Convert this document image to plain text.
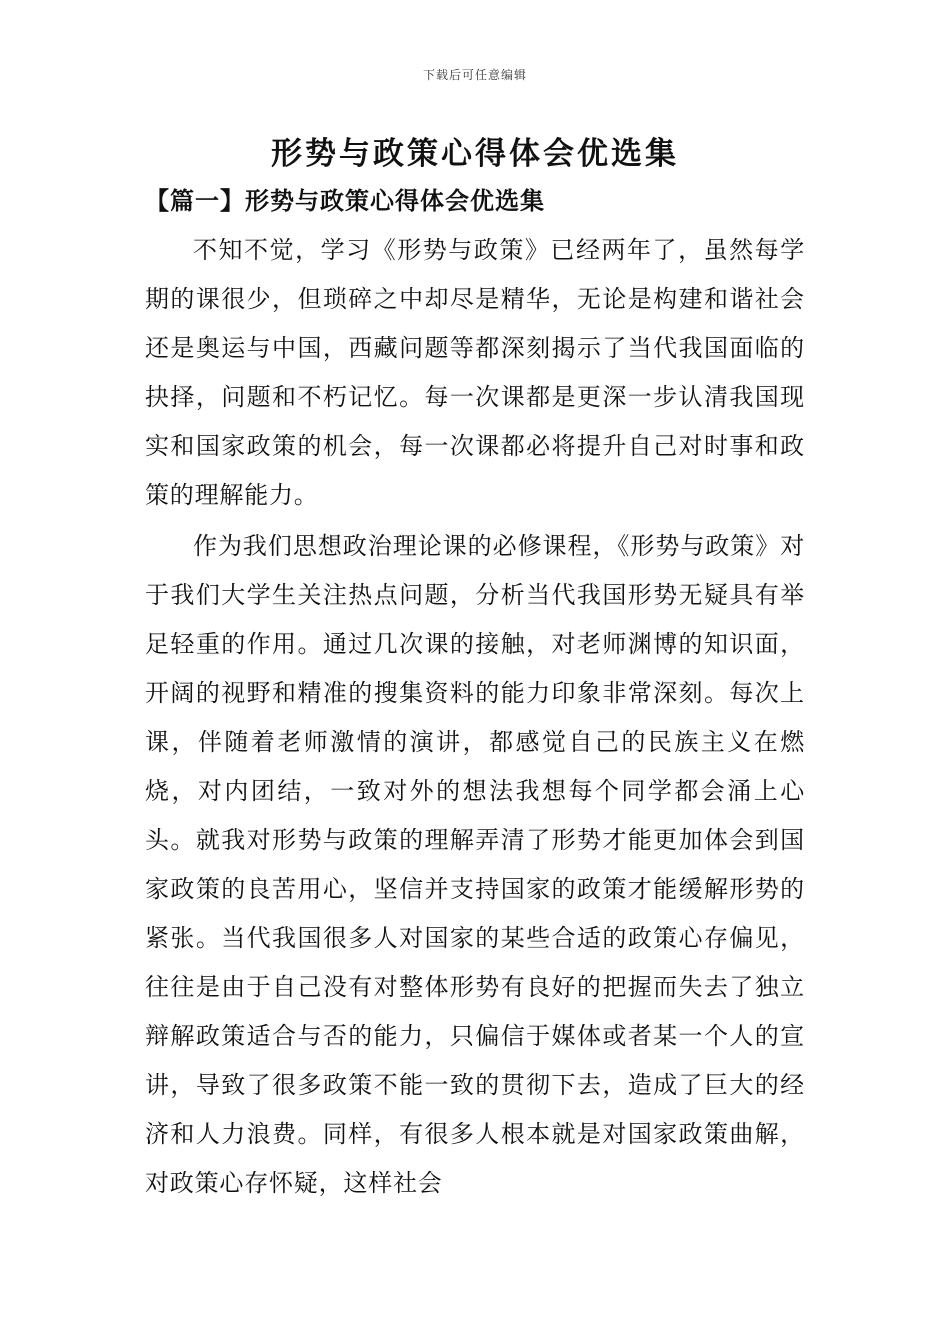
下载后可任意编辑
形势与政策心得体会优选集
【篇一】形势与政策心得体会优选集

不知不觉，学习《形势与政策》已经两年了，虽然每学期的课很少，但琐碎之中却尽是精华，无论是构建和谐社会还是奥运与中国，西藏问题等都深刻揭示了当代我国面临的抉择，问题和不朽记忆。每一次课都是更深一步认清我国现实和国家政策的机会，每一次课都必将提升自己对时事和政策的理解能力。

作为我们思想政治理论课的必修课程，《形势与政策》对于我们大学生关注热点问题，分析当代我国形势无疑具有举足轻重的作用。通过几次课的接触，对老师渊博的知识面，开阔的视野和精准的搜集资料的能力印象非常深刻。每次上课，伴随着老师激情的演讲，都感觉自己的民族主义在燃烧，对内团结，一致对外的想法我想每个同学都会涌上心头。就我对形势与政策的理解弄清了形势才能更加体会到国家政策的良苦用心，坚信并支持国家的政策才能缓解形势的紧张。当代我国很多人对国家的某些合适的政策心存偏见，往往是由于自己没有对整体形势有良好的把握而失去了独立辩解政策适合与否的能力，只偏信于媒体或者某一个人的宣讲，导致了很多政策不能一致的贯彻下去，造成了巨大的经济和人力浪费。同样，有很多人根本就是对国家政策曲解，对政策心存怀疑，这样社会
